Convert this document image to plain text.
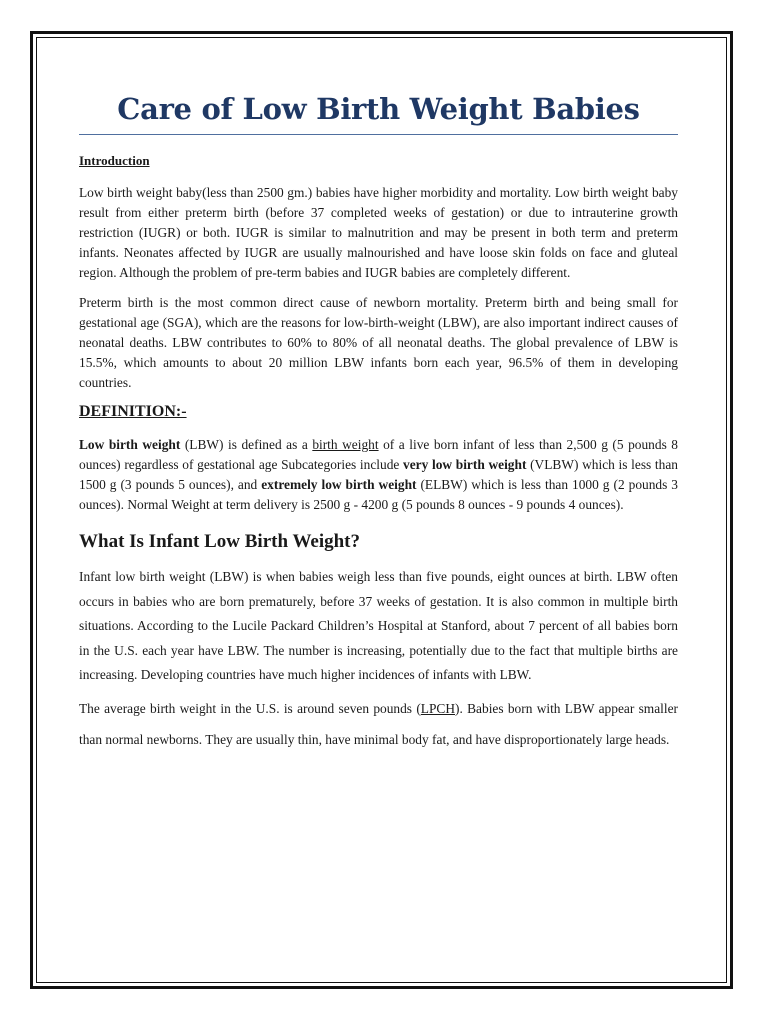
Care of Low Birth Weight Babies
Introduction

Low birth weight baby(less than 2500 gm.) babies have higher morbidity and mortality. Low birth weight baby result from either preterm birth (before 37 completed weeks of gestation) or due to intrauterine growth restriction (IUGR) or both. IUGR is similar to malnutrition and may be present in both term and preterm infants. Neonates affected by IUGR are usually malnourished and have loose skin folds on face and gluteal region. Although the problem of pre-term babies and IUGR babies are completely different.

Preterm birth is the most common direct cause of newborn mortality. Preterm birth and being small for gestational age (SGA), which are the reasons for low-birth-weight (LBW), are also important indirect causes of neonatal deaths. LBW contributes to 60% to 80% of all neonatal deaths. The global prevalence of LBW is 15.5%, which amounts to about 20 million LBW infants born each year, 96.5% of them in developing countries.

DEFINITION:-

Low birth weight (LBW) is defined as a birth weight of a live born infant of less than 2,500 g (5 pounds 8 ounces) regardless of gestational age Subcategories include very low birth weight (VLBW) which is less than 1500 g (3 pounds 5 ounces), and extremely low birth weight (ELBW) which is less than 1000 g (2 pounds 3 ounces). Normal Weight at term delivery is 2500 g - 4200 g (5 pounds 8 ounces - 9 pounds 4 ounces).

What Is Infant Low Birth Weight?

Infant low birth weight (LBW) is when babies weigh less than five pounds, eight ounces at birth. LBW often occurs in babies who are born prematurely, before 37 weeks of gestation. It is also common in multiple birth situations. According to the Lucile Packard Children’s Hospital at Stanford, about 7 percent of all babies born in the U.S. each year have LBW. The number is increasing, potentially due to the fact that multiple births are increasing. Developing countries have much higher incidences of infants with LBW.

The average birth weight in the U.S. is around seven pounds (LPCH). Babies born with LBW appear smaller than normal newborns. They are usually thin, have minimal body fat, and have disproportionately large heads.
